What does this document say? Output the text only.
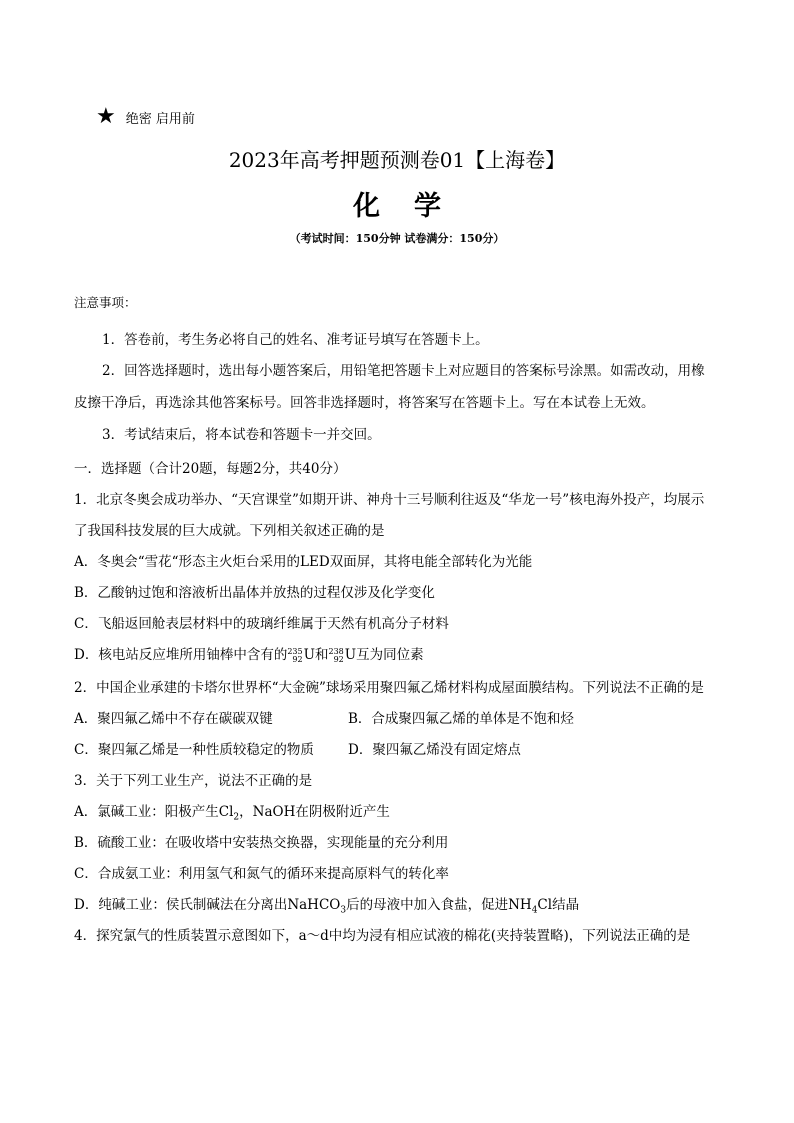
★ 绝密 启用前
2023年高考押题预测卷01【上海卷】
化学
（考试时间：150分钟 试卷满分：150分）
注意事项：
1．答卷前，考生务必将自己的姓名、准考证号填写在答题卡上。
2．回答选择题时，选出每小题答案后，用铅笔把答题卡上对应题目的答案标号涂黑。如需改动，用橡
皮擦干净后，再选涂其他答案标号。回答非选择题时，将答案写在答题卡上。写在本试卷上无效。
3．考试结束后，将本试卷和答题卡一并交回。
一．选择题（合计20题，每题2分，共40分）
1．北京冬奥会成功举办、“天宫课堂”如期开讲、神舟十三号顺利往返及“华龙一号”核电海外投产，均展示
了我国科技发展的巨大成就。下列相关叙述正确的是
A．冬奥会“雪花“形态主火炬台采用的LED双面屏，其将电能全部转化为光能
B．乙酸钠过饱和溶液析出晶体并放热的过程仅涉及化学变化
C．飞船返回舱表层材料中的玻璃纤维属于天然有机高分子材料
D．核电站反应堆所用铀棒中含有的235
92U和238
92U互为同位素
2．中国企业承建的卡塔尔世界杯“大金碗”球场采用聚四氟乙烯材料构成屋面膜结构。下列说法不正确的是
A．聚四氟乙烯中不存在碳碳双键	B．合成聚四氟乙烯的单体是不饱和烃
C．聚四氟乙烯是一种性质较稳定的物质	D．聚四氟乙烯没有固定熔点
3．关于下列工业生产，说法不正确的是
A．氯碱工业：阳极产生$Cl_2$，NaOH在阴极附近产生
B．硫酸工业：在吸收塔中安装热交换器，实现能量的充分利用
C．合成氨工业：利用氢气和氮气的循环来提高原料气的转化率
D．纯碱工业：侯氏制碱法在分离出NaHCO$_3$后的母液中加入食盐，促进$NH_4Cl$结晶
4．探究氯气的性质装置示意图如下，a～d中均为浸有相应试液的棉花(夹持装置略)，下列说法正确的是
